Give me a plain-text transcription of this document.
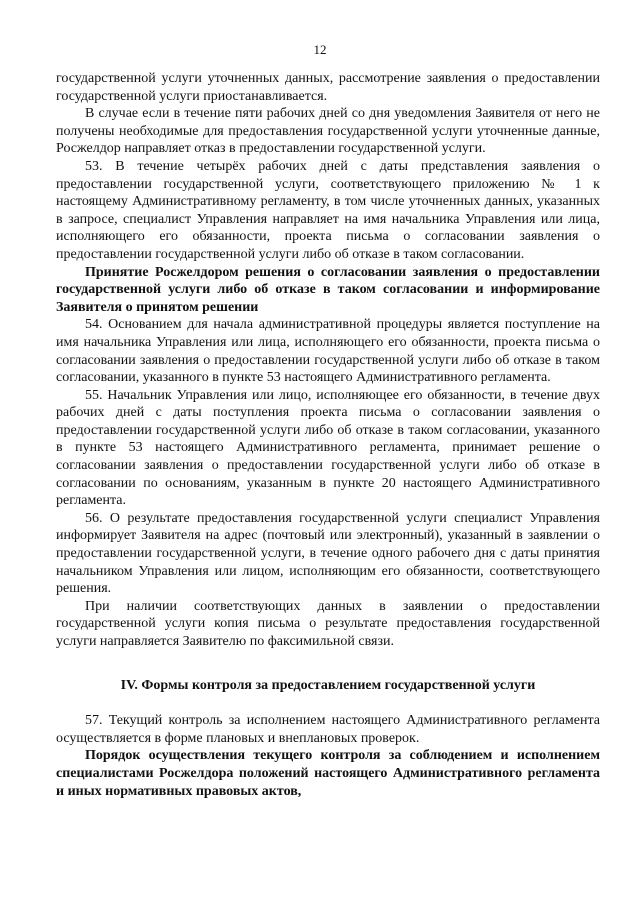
12

государственной услуги уточненных данных, рассмотрение заявления о предоставлении государственной услуги приостанавливается.

В случае если в течение пяти рабочих дней со дня уведомления Заявителя от него не получены необходимые для предоставления государственной услуги уточненные данные, Росжелдор направляет отказ в предоставлении государственной услуги.

53. В течение четырёх рабочих дней с даты представления заявления о предоставлении государственной услуги, соответствующего приложению № 1 к настоящему Административному регламенту, в том числе уточненных данных, указанных в запросе, специалист Управления направляет на имя начальника Управления или лица, исполняющего его обязанности, проекта письма о согласовании заявления о предоставлении государственной услуги либо об отказе в таком согласовании.

Принятие Росжелдором решения о согласовании заявления о предоставлении государственной услуги либо об отказе в таком согласовании и информирование Заявителя о принятом решении

54. Основанием для начала административной процедуры является поступление на имя начальника Управления или лица, исполняющего его обязанности, проекта письма о согласовании заявления о предоставлении государственной услуги либо об отказе в таком согласовании, указанного в пункте 53 настоящего Административного регламента.

55. Начальник Управления или лицо, исполняющее его обязанности, в течение двух рабочих дней с даты поступления проекта письма о согласовании заявления о предоставлении государственной услуги либо об отказе в таком согласовании, указанного в пункте 53 настоящего Административного регламента, принимает решение о согласовании заявления о предоставлении государственной услуги либо об отказе в согласовании по основаниям, указанным в пункте 20 настоящего Административного регламента.

56. О результате предоставления государственной услуги специалист Управления информирует Заявителя на адрес (почтовый или электронный), указанный в заявлении о предоставлении государственной услуги, в течение одного рабочего дня с даты принятия начальником Управления или лицом, исполняющим его обязанности, соответствующего решения.

При наличии соответствующих данных в заявлении о предоставлении государственной услуги копия письма о результате предоставления государственной услуги направляется Заявителю по факсимильной связи.

IV. Формы контроля за предоставлением государственной услуги

57. Текущий контроль за исполнением настоящего Административного регламента осуществляется в форме плановых и внеплановых проверок.

Порядок осуществления текущего контроля за соблюдением и исполнением специалистами Росжелдора положений настоящего Административного регламента и иных нормативных правовых актов,
